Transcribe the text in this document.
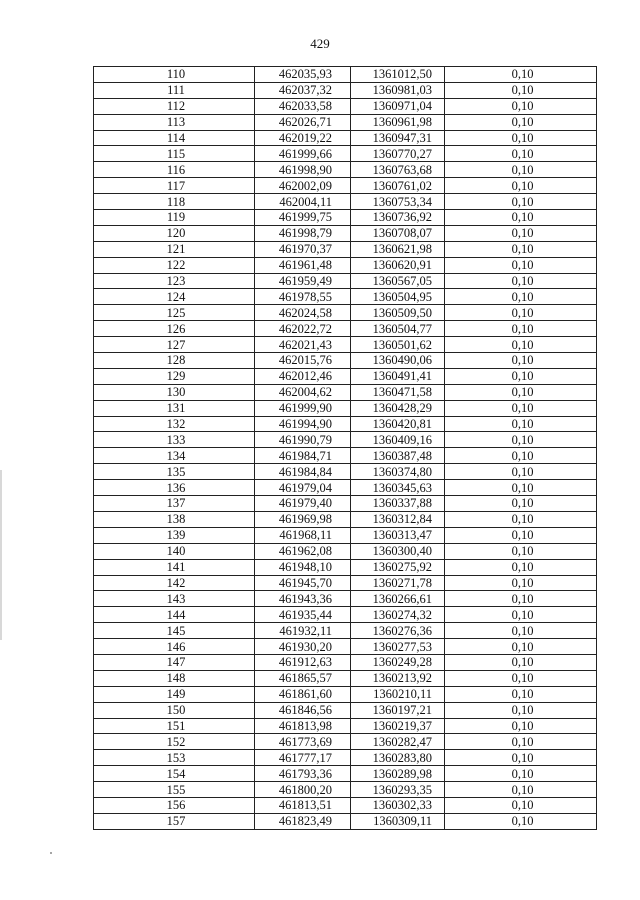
429
110	462035,93	1361012,50	0,10
111	462037,32	1360981,03	0,10
112	462033,58	1360971,04	0,10
113	462026,71	1360961,98	0,10
114	462019,22	1360947,31	0,10
115	461999,66	1360770,27	0,10
116	461998,90	1360763,68	0,10
117	462002,09	1360761,02	0,10
118	462004,11	1360753,34	0,10
119	461999,75	1360736,92	0,10
120	461998,79	1360708,07	0,10
121	461970,37	1360621,98	0,10
122	461961,48	1360620,91	0,10
123	461959,49	1360567,05	0,10
124	461978,55	1360504,95	0,10
125	462024,58	1360509,50	0,10
126	462022,72	1360504,77	0,10
127	462021,43	1360501,62	0,10
128	462015,76	1360490,06	0,10
129	462012,46	1360491,41	0,10
130	462004,62	1360471,58	0,10
131	461999,90	1360428,29	0,10
132	461994,90	1360420,81	0,10
133	461990,79	1360409,16	0,10
134	461984,71	1360387,48	0,10
135	461984,84	1360374,80	0,10
136	461979,04	1360345,63	0,10
137	461979,40	1360337,88	0,10
138	461969,98	1360312,84	0,10
139	461968,11	1360313,47	0,10
140	461962,08	1360300,40	0,10
141	461948,10	1360275,92	0,10
142	461945,70	1360271,78	0,10
143	461943,36	1360266,61	0,10
144	461935,44	1360274,32	0,10
145	461932,11	1360276,36	0,10
146	461930,20	1360277,53	0,10
147	461912,63	1360249,28	0,10
148	461865,57	1360213,92	0,10
149	461861,60	1360210,11	0,10
150	461846,56	1360197,21	0,10
151	461813,98	1360219,37	0,10
152	461773,69	1360282,47	0,10
153	461777,17	1360283,80	0,10
154	461793,36	1360289,98	0,10
155	461800,20	1360293,35	0,10
156	461813,51	1360302,33	0,10
157	461823,49	1360309,11	0,10
